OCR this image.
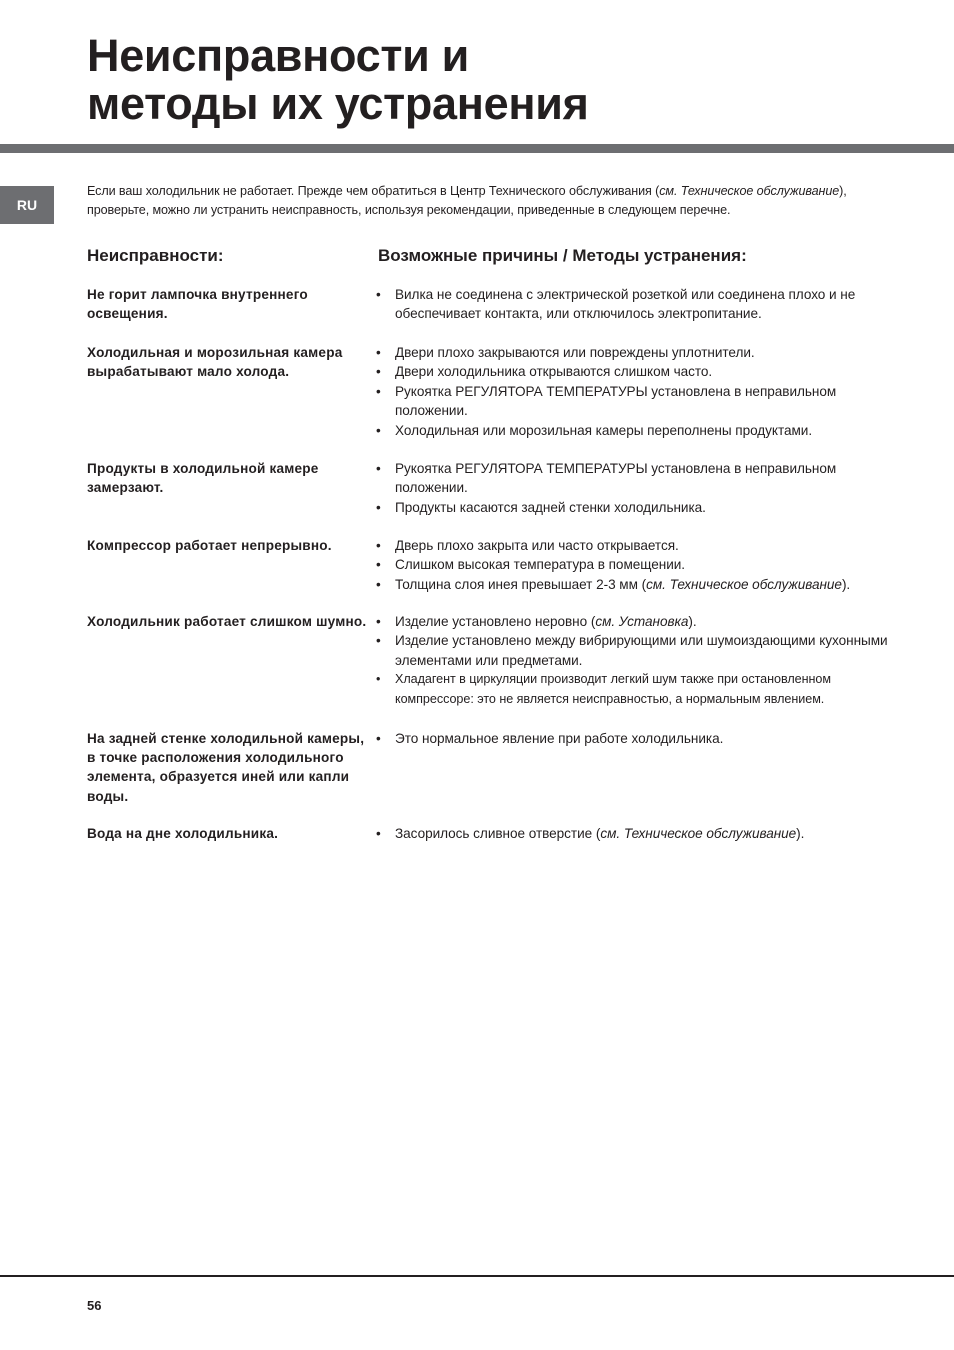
Неисправности и
методы их устранения
RU

Если ваш холодильник не работает. Прежде чем обратиться в Центр Технического обслуживания (см. Техническое обслуживание), проверьте, можно ли устранить неисправность, используя рекомендации, приведенные в следующем перечне.

Неисправности:	Возможные причины / Методы устранения:
Не горит лампочка внутреннего освещения.
•	Вилка не соединена с электрической розеткой или соединена плохо и не обеспечивает контакта, или отключилось электропитание.
Холодильная и морозильная камера вырабатывают мало холода.
•	Двери плохо закрываются или повреждены уплотнители.
•	Двери холодильника открываются слишком часто.
•	Рукоятка РЕГУЛЯТОРА ТЕМПЕРАТУРЫ установлена в неправильном положении.
•	Холодильная или морозильная камеры переполнены продуктами.
Продукты в холодильной камере замерзают.
•	Рукоятка РЕГУЛЯТОРА ТЕМПЕРАТУРЫ установлена в неправильном положении.
•	Продукты касаются задней стенки холодильника.
Компрессор работает непрерывно.	•	Дверь плохо закрыта или часто открывается.
•	Слишком высокая температура в помещении.
•	Толщина слоя инея превышает 2-3 мм (см. Техническое обслуживание).
Холодильник работает слишком шумно. •	Изделие установлено неровно (см. Установка).
•	Изделие установлено между вибрирующими или шумоиздающими кухонными элементами или предметами.
•	Хладагент в циркуляции производит легкий шум также при остановленном компрессоре: это не является неисправностью, а нормальным явлением.
На задней стенке холодильной камеры, в точке расположения холодильного элемента, образуется иней или капли воды.
•	Это нормальное явление при работе холодильника.
Вода на дне холодильника.	•	Засорилось сливное отверстие (см. Техническое обслуживание).
56
